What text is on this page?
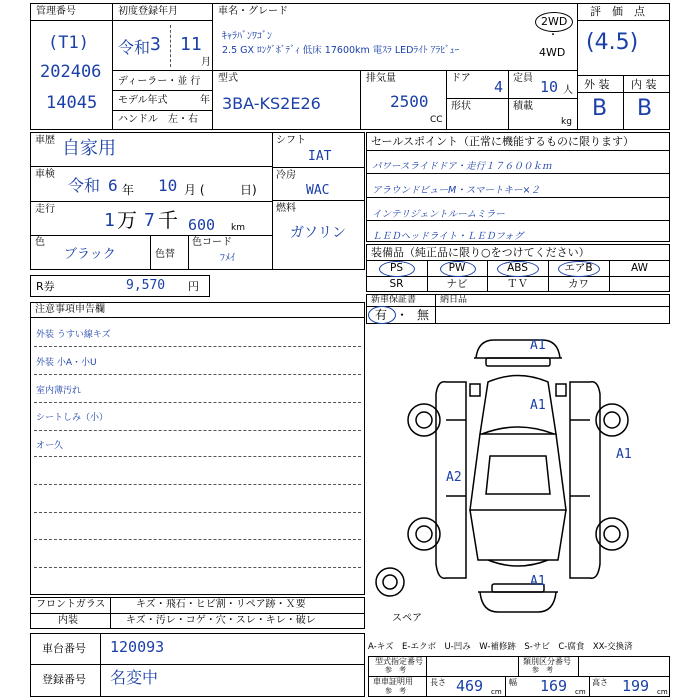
管理番号
(T1)
202406
14045
初度登録年月
令和 3 11
月
ディーラー・並 行
モデル年式	年
ハンドル　左・右
車名・グレード
ｷｬﾗﾊﾞﾝﾜｺﾞﾝ
2.5 GX ﾛﾝｸﾞﾎﾞﾃﾞｨ 低床 17600km 電ｽﾗ LEDﾗｲﾄ ｱﾗﾋﾞｭｰ
2WD
・
4WD
型式
3BA-KS2E26
排気量
2500
CC
ドア 4
形状
定員 10 人
積載
kg
評　価　点
(4.5)
外 装 内 装
B B
車歴 自家用
車検
令和 6 年 10 月 (	日)
走行
1 万 7 千 600 km
色
ブラック	色替
色コード
ﾌﾒｲ
シフト
IAT
冷房
WAC
燃料
ガソリン
R券	9,570 円
セールスポイント（正常に機能するものに限ります）
パワースライドドア・走行１７６００ｋｍ
アラウンドビューM・スマートキー×２
インテリジェントルームミラー
ＬＥＤヘッドライト・ＬＥＤフォグ
装備品（純正品に限り○をつけてください）
PS	PW	ABS	エアB	AW
SR	ナビ	ＴＶ	カワ
新車保証書	納日品
有 ・ 無
注意事項申告欄
外装 うすい線キズ
外装 小A・小U
室内薄汚れ
シートしみ（小）
オー久
A1
A1
A1
A2
A1
スペア
フロントガラス	キズ・飛石・ヒビ割・リペア跡・Ｘ要
内装	キズ・汚レ・コゲ・穴・スレ・キレ・破レ
車台番号 120093
登録番号 名変中
A-キズ　E-エクボ　U-凹み　W-補修跡　S-サビ　C-腐食　XX-交換済
型式指定番号
参　考
類別区分番号
参　考
車車証明用
参　考
長さ 469 cm
幅 169 cm
高さ 199 cm
